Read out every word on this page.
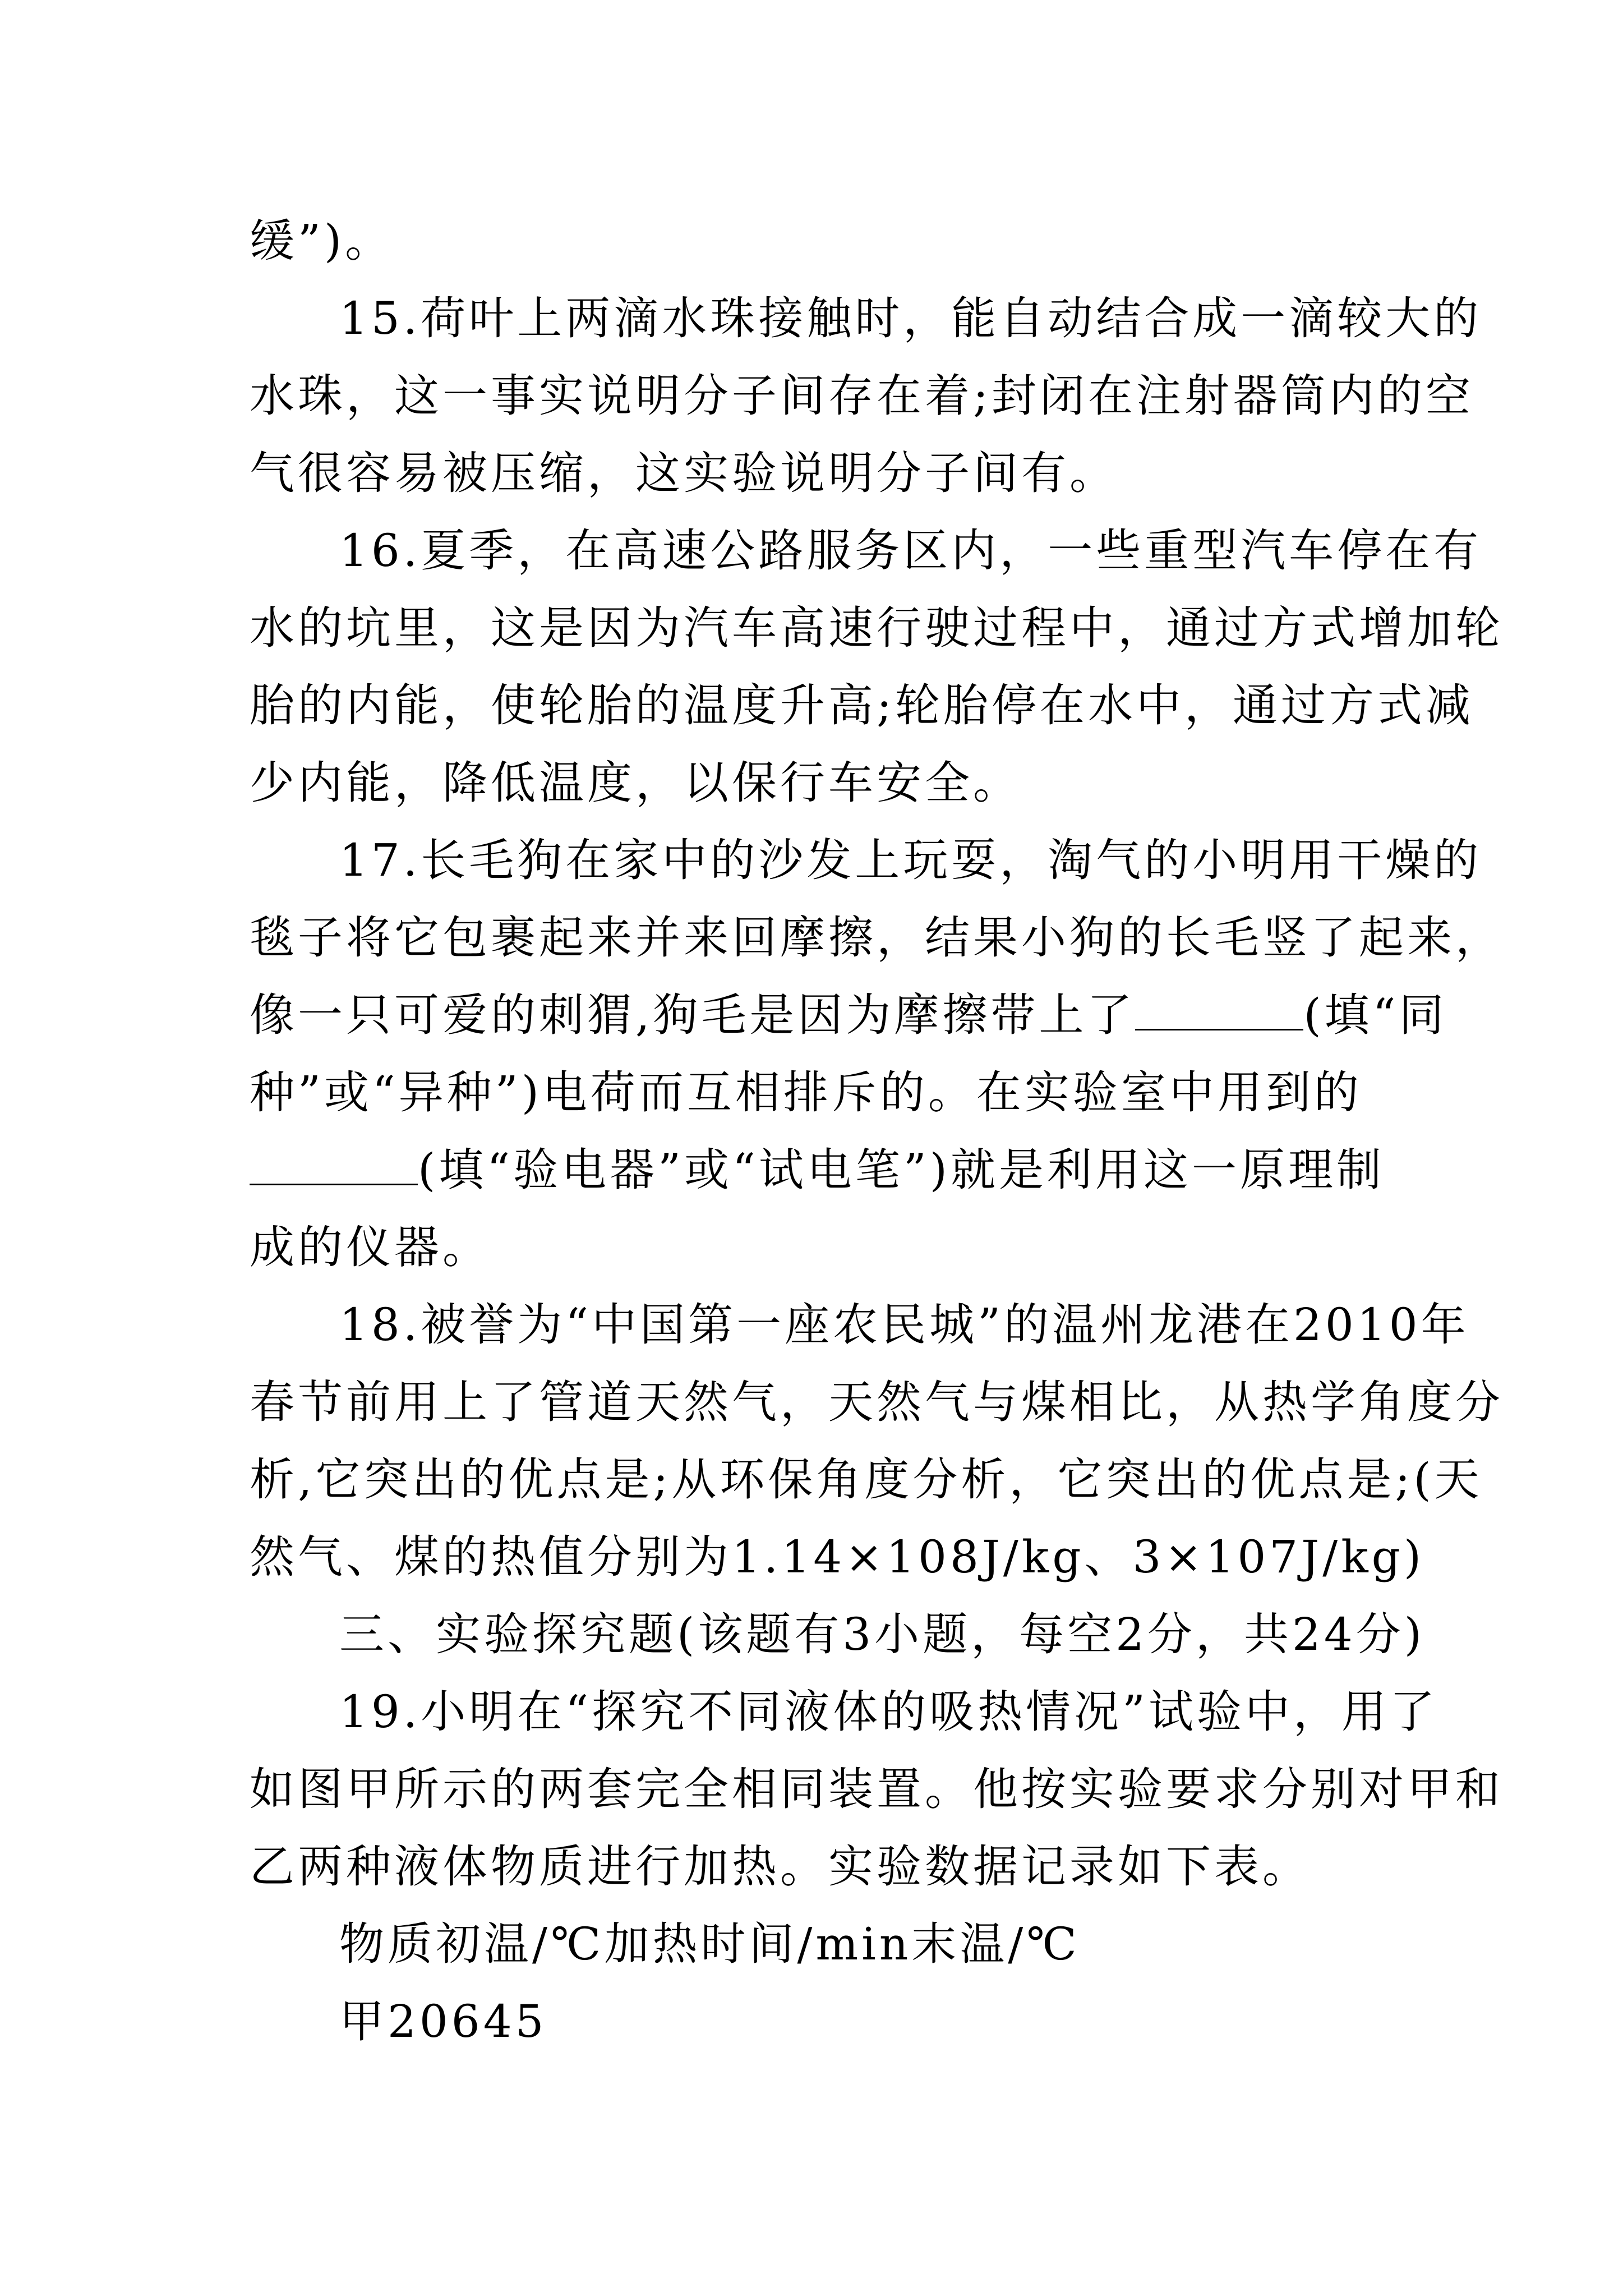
缓”)。
15.荷叶上两滴水珠接触时，能自动结合成一滴较大的
水珠，这一事实说明分子间存在着;封闭在注射器筒内的空
气很容易被压缩，这实验说明分子间有。
16.夏季，在高速公路服务区内，一些重型汽车停在有
水的坑里，这是因为汽车高速行驶过程中，通过方式增加轮
胎的内能，使轮胎的温度升高;轮胎停在水中，通过方式减
少内能，降低温度，以保行车安全。
17.长毛狗在家中的沙发上玩耍，淘气的小明用干燥的
毯子将它包裹起来并来回摩擦，结果小狗的长毛竖了起来，
像一只可爱的刺猬,狗毛是因为摩擦带上了	(填“同
种”或“异种”)电荷而互相排斥的。在实验室中用到的
(填“验电器”或“试电笔”)就是利用这一原理制
成的仪器。
18.被誉为“中国第一座农民城”的温州龙港在2010年
春节前用上了管道天然气，天然气与煤相比，从热学角度分
析,它突出的优点是;从环保角度分析，它突出的优点是;(天
然气、煤的热值分别为1.14×108J/kg、3×107J/kg)
三、实验探究题(该题有3小题，每空2分，共24分)
19.小明在“探究不同液体的吸热情况”试验中，用了
如图甲所示的两套完全相同装置。他按实验要求分别对甲和
乙两种液体物质进行加热。实验数据记录如下表。
物质初温/℃加热时间/min末温/℃
甲20645
